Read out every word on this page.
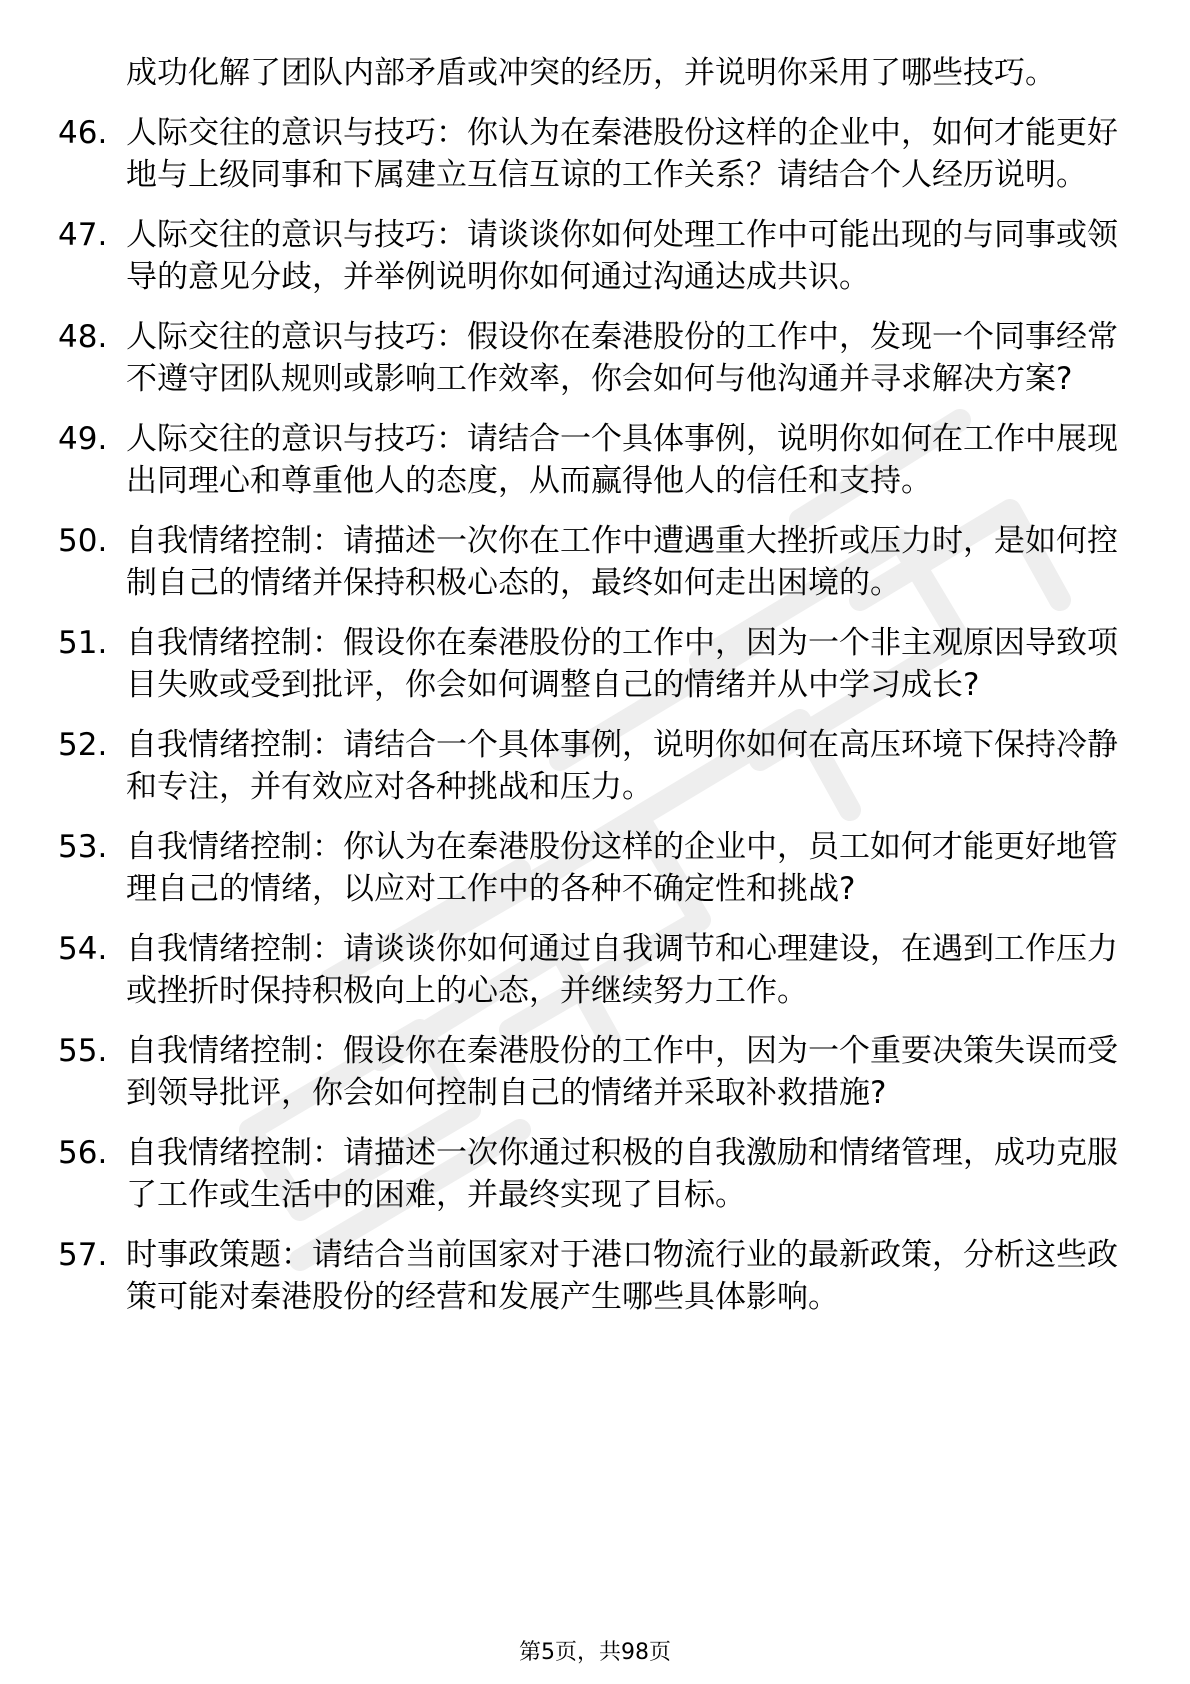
成功化解了团队内部矛盾或冲突的经历，并说明你采用了哪些技巧。
46. 人际交往的意识与技巧：你认为在秦港股份这样的企业中，如何才能更好地与上级同事和下属建立互信互谅的工作关系？请结合个人经历说明。
47. 人际交往的意识与技巧：请谈谈你如何处理工作中可能出现的与同事或领导的意见分歧，并举例说明你如何通过沟通达成共识。
48. 人际交往的意识与技巧：假设你在秦港股份的工作中，发现一个同事经常不遵守团队规则或影响工作效率，你会如何与他沟通并寻求解决方案?
49. 人际交往的意识与技巧：请结合一个具体事例，说明你如何在工作中展现出同理心和尊重他人的态度，从而赢得他人的信任和支持。
50. 自我情绪控制：请描述一次你在工作中遭遇重大挫折或压力时，是如何控制自己的情绪并保持积极心态的，最终如何走出困境的。
51. 自我情绪控制：假设你在秦港股份的工作中，因为一个非主观原因导致项目失败或受到批评，你会如何调整自己的情绪并从中学习成长?
52. 自我情绪控制：请结合一个具体事例，说明你如何在高压环境下保持冷静和专注，并有效应对各种挑战和压力。
53. 自我情绪控制：你认为在秦港股份这样的企业中，员工如何才能更好地管理自己的情绪，以应对工作中的各种不确定性和挑战?
54. 自我情绪控制：请谈谈你如何通过自我调节和心理建设，在遇到工作压力或挫折时保持积极向上的心态，并继续努力工作。
55. 自我情绪控制：假设你在秦港股份的工作中，因为一个重要决策失误而受到领导批评，你会如何控制自己的情绪并采取补救措施?
56. 自我情绪控制：请描述一次你通过积极的自我激励和情绪管理，成功克服了工作或生活中的困难，并最终实现了目标。
57. 时事政策题：请结合当前国家对于港口物流行业的最新政策，分析这些政策可能对秦港股份的经营和发展产生哪些具体影响。
第5页，共98页
